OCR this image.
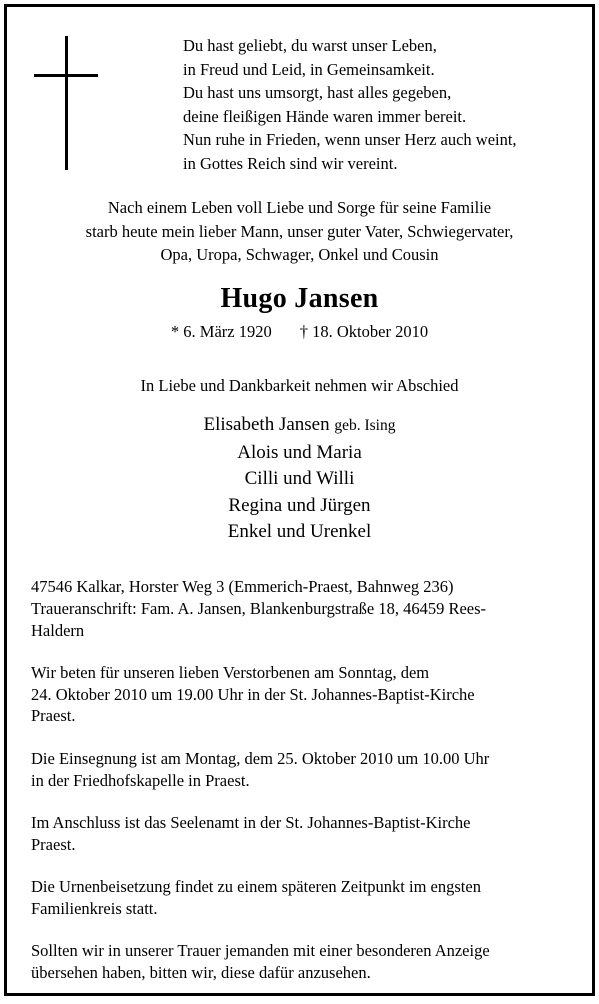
Du hast geliebt, du warst unser Leben,
in Freud und Leid, in Gemeinsamkeit.
Du hast uns umsorgt, hast alles gegeben,
deine fleißigen Hände waren immer bereit.
Nun ruhe in Frieden, wenn unser Herz auch weint,
in Gottes Reich sind wir vereint.
Nach einem Leben voll Liebe und Sorge für seine Familie
starb heute mein lieber Mann, unser guter Vater, Schwiegervater,
Opa, Uropa, Schwager, Onkel und Cousin
Hugo Jansen
* 6. März 1920 † 18. Oktober 2010
In Liebe und Dankbarkeit nehmen wir Abschied
Elisabeth Jansen geb. Ising
Alois und Maria
Cilli und Willi
Regina und Jürgen
Enkel und Urenkel

47546 Kalkar, Horster Weg 3 (Emmerich-Praest, Bahnweg 236)
Traueranschrift: Fam. A. Jansen, Blankenburgstraße 18, 46459 Rees-
Haldern

Wir beten für unseren lieben Verstorbenen am Sonntag, dem
24. Oktober 2010 um 19.00 Uhr in der St. Johannes-Baptist-Kirche
Praest.

Die Einsegnung ist am Montag, dem 25. Oktober 2010 um 10.00 Uhr
in der Friedhofskapelle in Praest.

Im Anschluss ist das Seelenamt in der St. Johannes-Baptist-Kirche
Praest.

Die Urnenbeisetzung findet zu einem späteren Zeitpunkt im engsten
Familienkreis statt.

Sollten wir in unserer Trauer jemanden mit einer besonderen Anzeige
übersehen haben, bitten wir, diese dafür anzusehen.
